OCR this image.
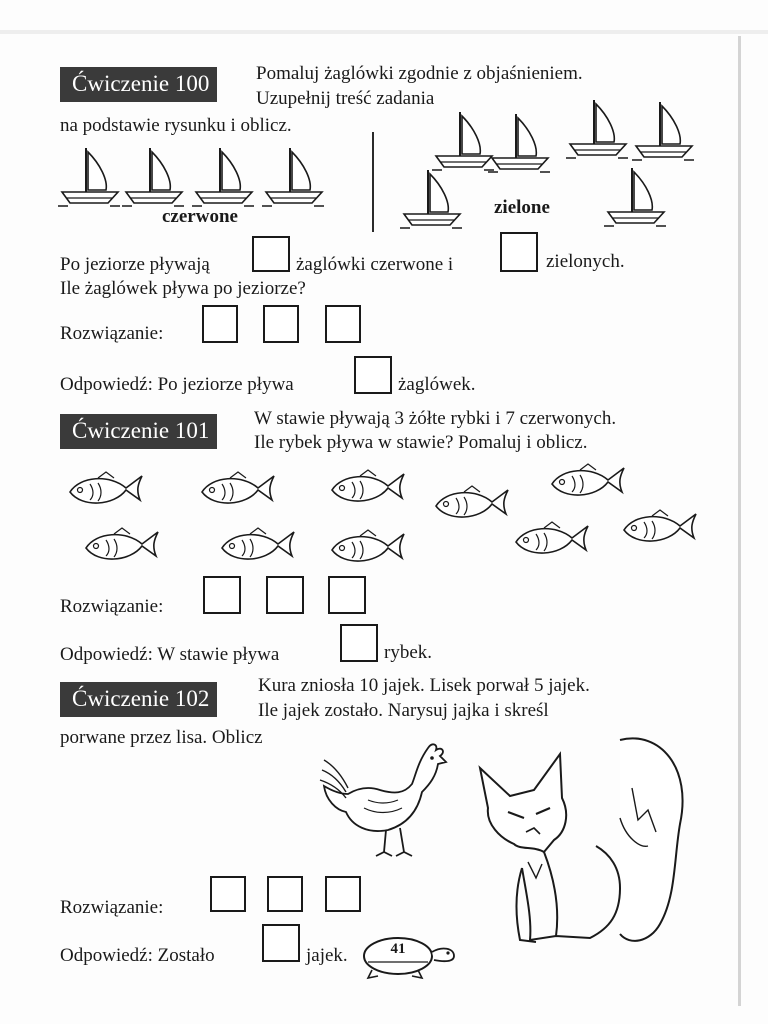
Ćwiczenie 100	Pomaluj żaglówki zgodnie z objaśnieniem.
Uzupełnij treść zadania
na podstawie rysunku i oblicz.
czerwone	zielone
Po jeziorze pływają	żaglówki czerwone i	zielonych.
Ile żaglówek pływa po jeziorze?
Rozwiązanie:
Odpowiedź: Po jeziorze pływa	żaglówek.
Ćwiczenie 101	W stawie pływają 3 żółte rybki i 7 czerwonych.
Ile rybek pływa w stawie? Pomaluj i oblicz.
Rozwiązanie:
Odpowiedź: W stawie pływa	rybek.
Ćwiczenie 102
Kura zniosła 10 jajek. Lisek porwał 5 jajek.
Ile jajek zostało. Narysuj jajka i skreśl
porwane przez lisa. Oblicz
Rozwiązanie:
Odpowiedź: Zostało	jajek.	41
